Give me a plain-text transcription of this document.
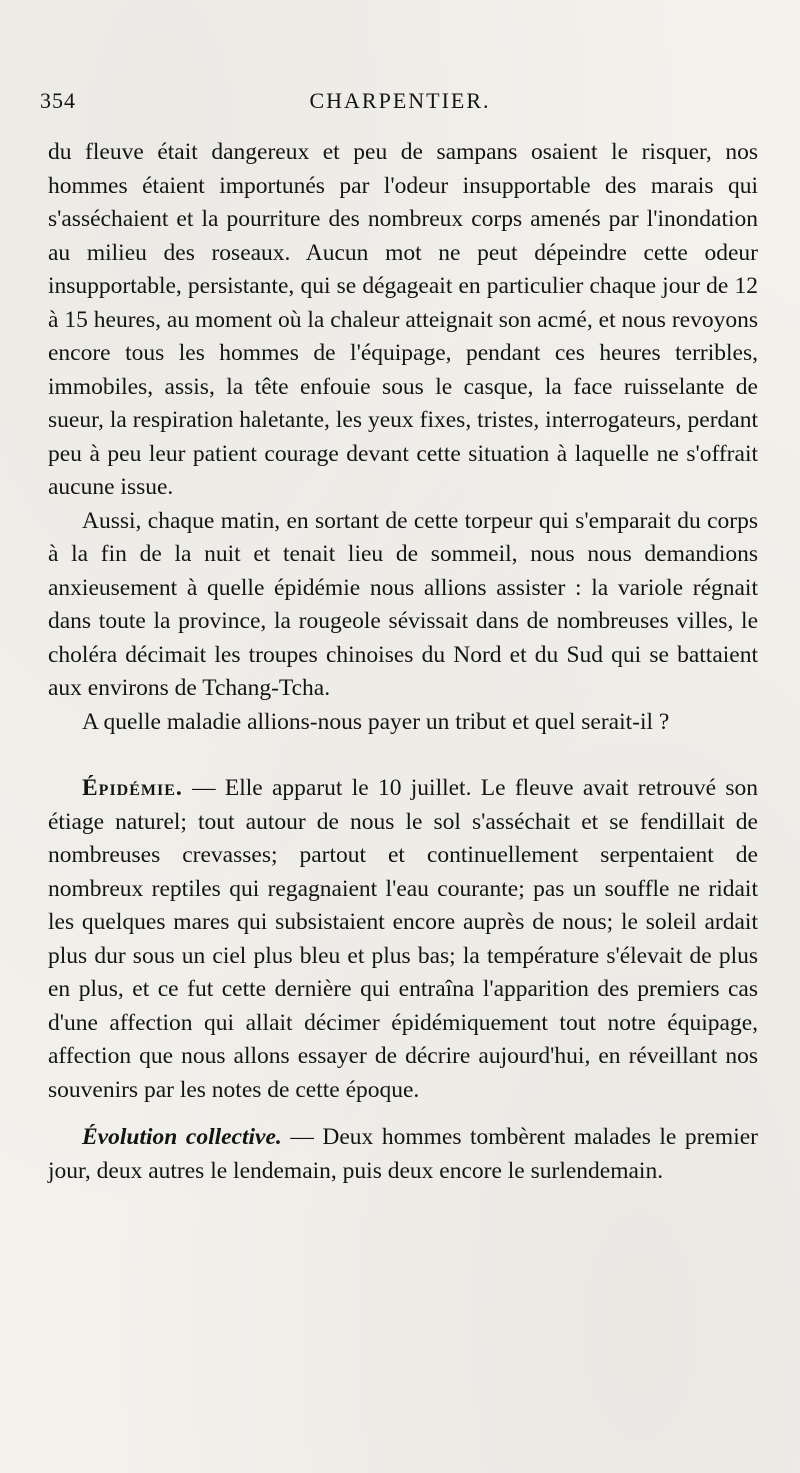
354	CHARPENTIER.

du fleuve était dangereux et peu de sampans osaient le risquer, nos hommes étaient importunés par l'odeur insupportable des marais qui s'asséchaient et la pourriture des nombreux corps amenés par l'inondation au milieu des roseaux. Aucun mot ne peut dépeindre cette odeur insupportable, persistante, qui se dégageait en particulier chaque jour de 12 à 15 heures, au moment où la chaleur atteignait son acmé, et nous revoyons encore tous les hommes de l'équipage, pendant ces heures terribles, immobiles, assis, la tête enfouie sous le casque, la face ruisselante de sueur, la respiration haletante, les yeux fixes, tristes, interrogateurs, perdant peu à peu leur patient courage devant cette situation à laquelle ne s'offrait aucune issue.

Aussi, chaque matin, en sortant de cette torpeur qui s'emparait du corps à la fin de la nuit et tenait lieu de sommeil, nous nous demandions anxieusement à quelle épidémie nous allions assister : la variole régnait dans toute la province, la rougeole sévissait dans de nombreuses villes, le choléra décimait les troupes chinoises du Nord et du Sud qui se battaient aux environs de Tchang-Tcha.

A quelle maladie allions-nous payer un tribut et quel serait-il ?

Épidémie. — Elle apparut le 10 juillet. Le fleuve avait retrouvé son étiage naturel; tout autour de nous le sol s'asséchait et se fendillait de nombreuses crevasses; partout et continuellement serpentaient de nombreux reptiles qui regagnaient l'eau courante; pas un souffle ne ridait les quelques mares qui subsistaient encore auprès de nous; le soleil ardait plus dur sous un ciel plus bleu et plus bas; la température s'élevait de plus en plus, et ce fut cette dernière qui entraîna l'apparition des premiers cas d'une affection qui allait décimer épidémiquement tout notre équipage, affection que nous allons essayer de décrire aujourd'hui, en réveillant nos souvenirs par les notes de cette époque.

Évolution collective. — Deux hommes tombèrent malades le premier jour, deux autres le lendemain, puis deux encore le surlendemain.
